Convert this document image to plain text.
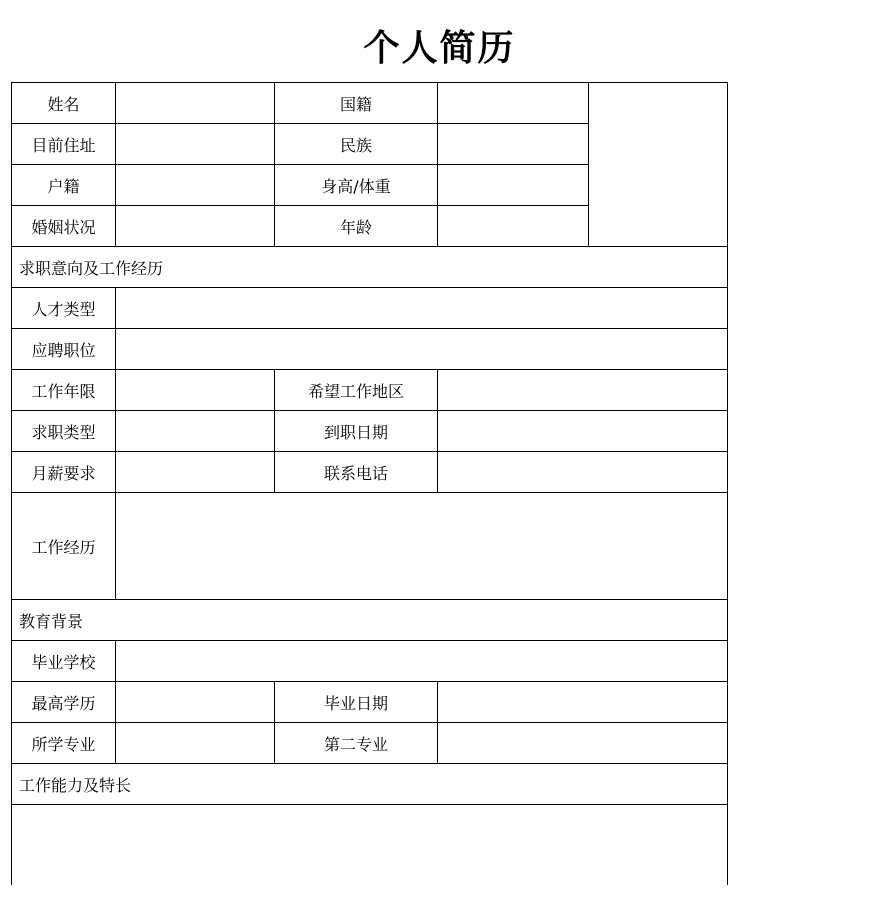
个人简历
姓名		国籍		
目前住址		民族		
户籍		身高/体重		
婚姻状况		年龄		
求职意向及工作经历				
人才类型				
应聘职位				
工作年限		希望工作地区		
求职类型		到职日期		
月薪要求		联系电话		
工作经历				
教育背景				
毕业学校				
最高学历		毕业日期		
所学专业		第二专业		
工作能力及特长				
